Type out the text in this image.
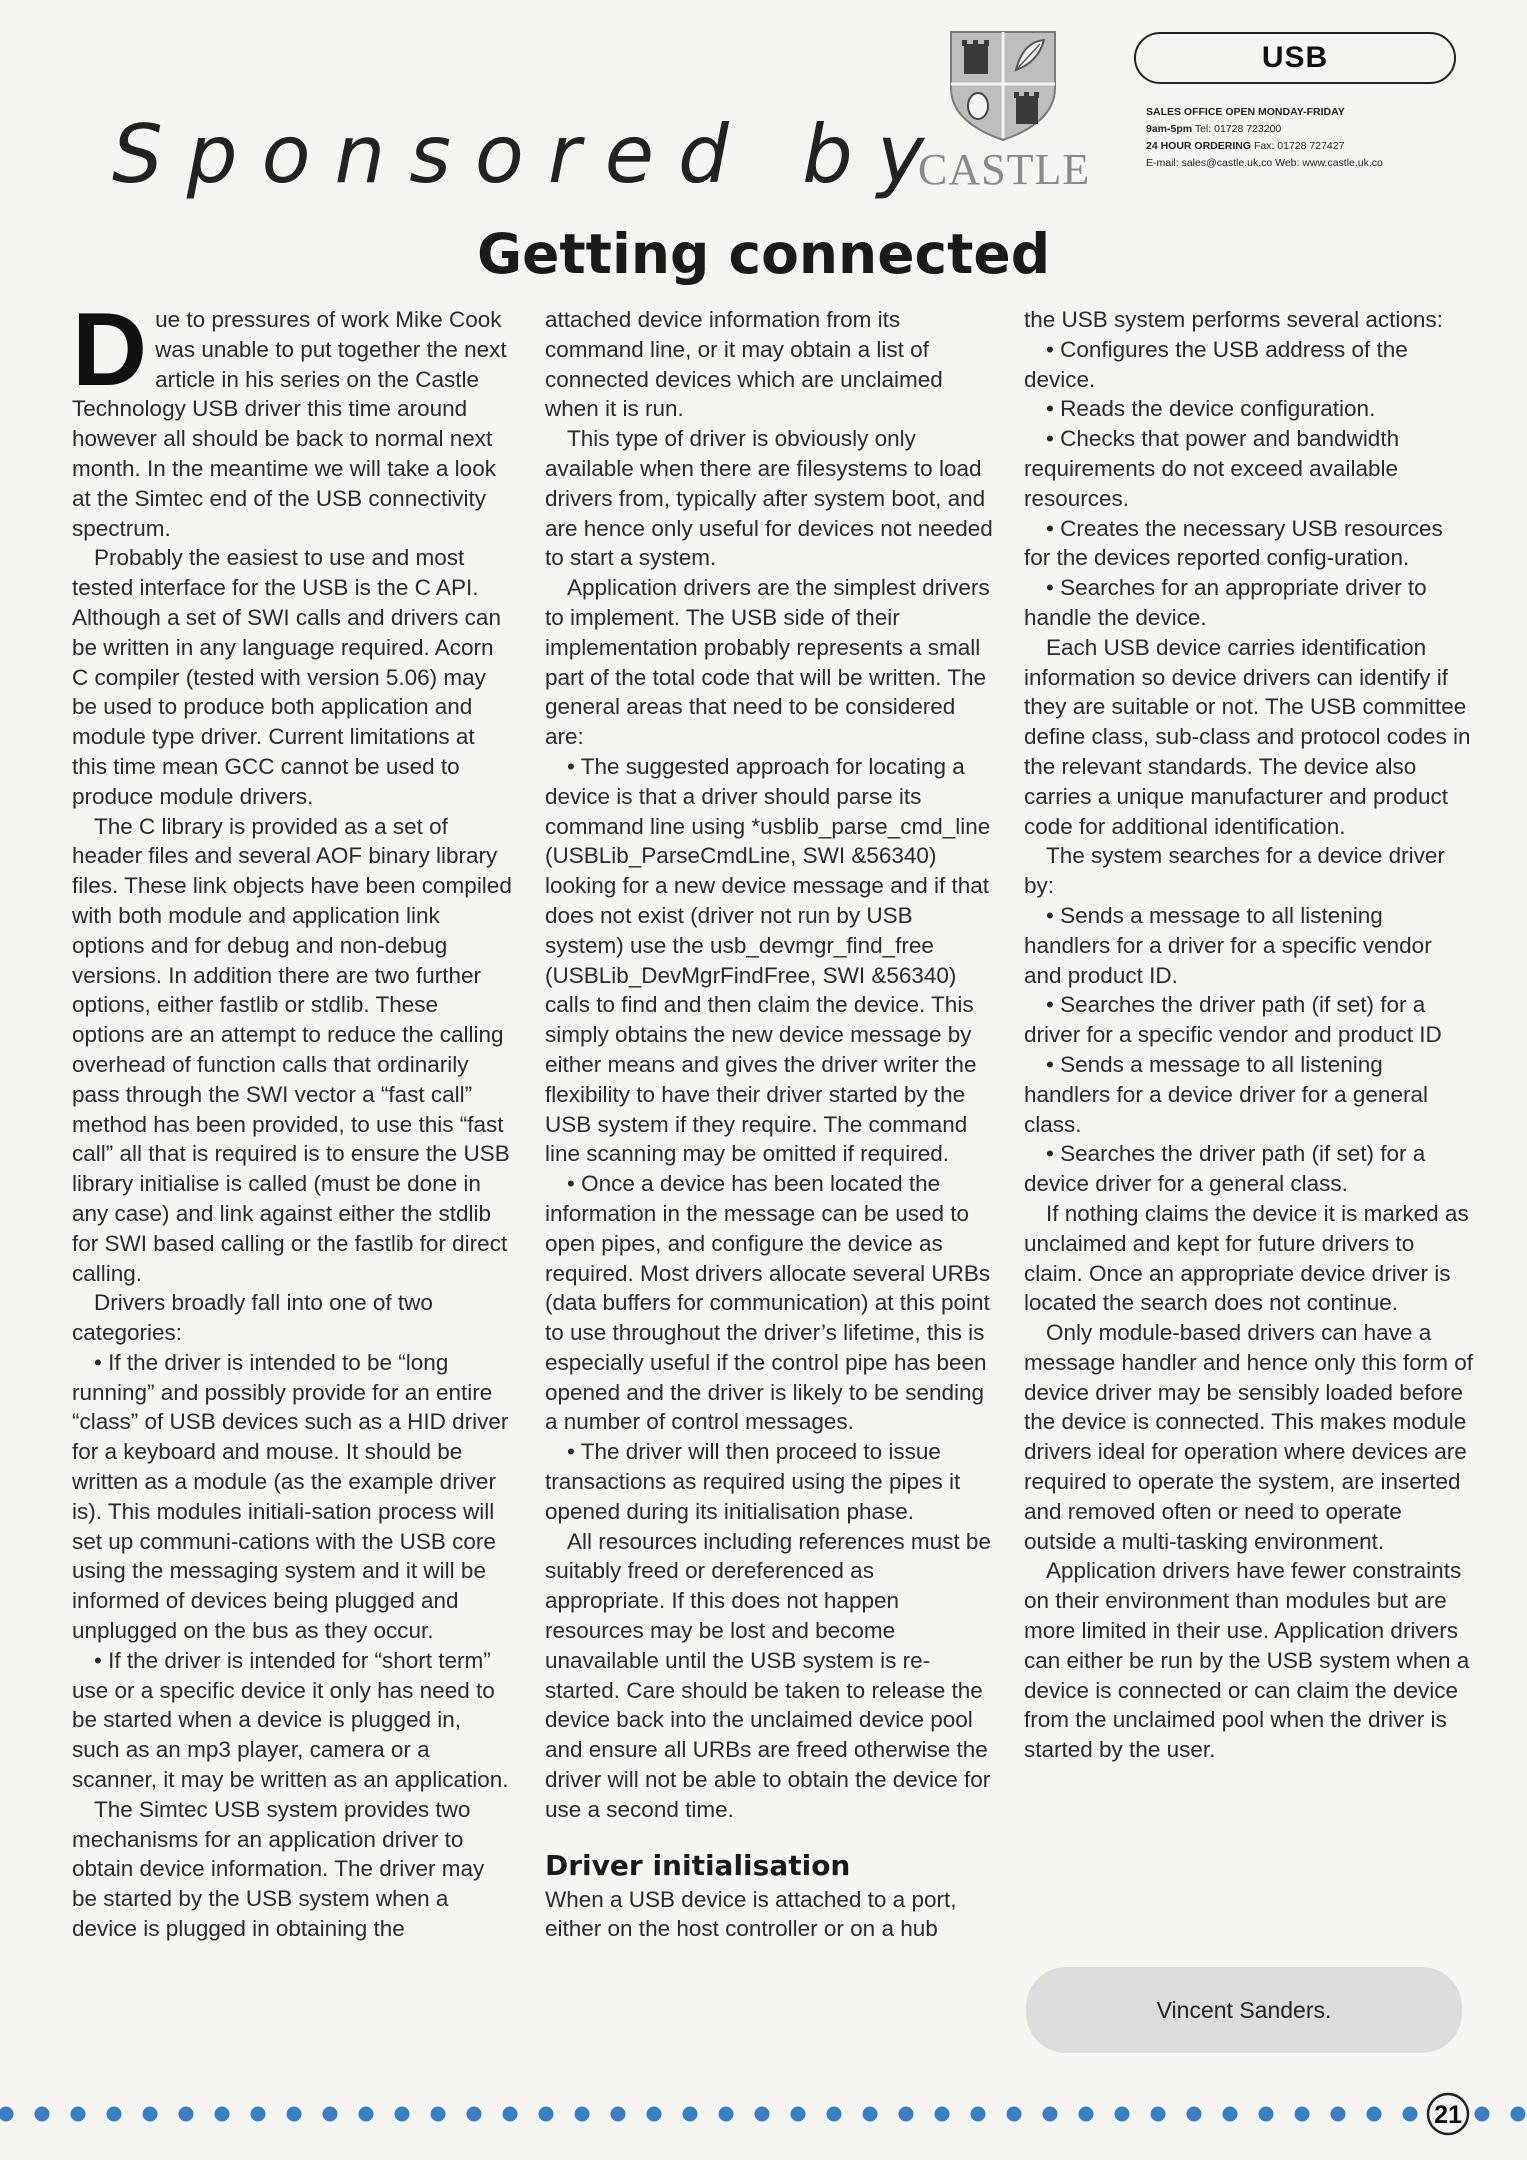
Sponsored by
CASTLE
USB
SALES OFFICE OPEN MONDAY-FRIDAY
9am-5pm Tel: 01728 723200
24 HOUR ORDERING Fax: 01728 727427
E-mail: sales@castle.uk.co Web: www.castle.uk.co
Getting connected

Due to pressures of work Mike Cook was unable to put together the next article in his series on the Castle Technology USB driver this time around however all should be back to normal next month. In the meantime we will take a look at the Simtec end of the USB connectivity spectrum.

Probably the easiest to use and most tested interface for the USB is the C API. Although a set of SWI calls and drivers can be written in any language required. Acorn C compiler (tested with version 5.06) may be used to produce both application and module type driver. Current limitations at this time mean GCC cannot be used to produce module drivers.

The C library is provided as a set of header files and several AOF binary library files. These link objects have been compiled with both module and application link options and for debug and non-debug versions. In addition there are two further options, either fastlib or stdlib. These options are an attempt to reduce the calling overhead of function calls that ordinarily pass through the SWI vector a “fast call” method has been provided, to use this “fast call” all that is required is to ensure the USB library initialise is called (must be done in any case) and link against either the stdlib for SWI based calling or the fastlib for direct calling.

Drivers broadly fall into one of two categories:

• If the driver is intended to be “long running” and possibly provide for an entire “class” of USB devices such as a HID driver for a keyboard and mouse. It should be written as a module (as the example driver is). This modules initiali-sation process will set up communi-cations with the USB core using the messaging system and it will be informed of devices being plugged and unplugged on the bus as they occur.

• If the driver is intended for “short term” use or a specific device it only has need to be started when a device is plugged in, such as an mp3 player, camera or a scanner, it may be written as an application.

The Simtec USB system provides two mechanisms for an application driver to obtain device information. The driver may be started by the USB system when a device is plugged in obtaining the

attached device information from its command line, or it may obtain a list of connected devices which are unclaimed when it is run.

This type of driver is obviously only available when there are filesystems to load drivers from, typically after system boot, and are hence only useful for devices not needed to start a system.

Application drivers are the simplest drivers to implement. The USB side of their implementation probably represents a small part of the total code that will be written. The general areas that need to be considered are:

• The suggested approach for locating a device is that a driver should parse its command line using *usblib_parse_cmd_line (USBLib_ParseCmdLine, SWI &56340) looking for a new device message and if that does not exist (driver not run by USB system) use the usb_devmgr_find_free (USBLib_DevMgrFindFree, SWI &56340) calls to find and then claim the device. This simply obtains the new device message by either means and gives the driver writer the flexibility to have their driver started by the USB system if they require. The command line scanning may be omitted if required.

• Once a device has been located the information in the message can be used to open pipes, and configure the device as required. Most drivers allocate several URBs (data buffers for communication) at this point to use throughout the driver’s lifetime, this is especially useful if the control pipe has been opened and the driver is likely to be sending a number of control messages.

• The driver will then proceed to issue transactions as required using the pipes it opened during its initialisation phase.

All resources including references must be suitably freed or dereferenced as appropriate. If this does not happen resources may be lost and become unavailable until the USB system is re-started. Care should be taken to release the device back into the unclaimed device pool and ensure all URBs are freed otherwise the driver will not be able to obtain the device for use a second time.

Driver initialisation

When a USB device is attached to a port, either on the host controller or on a hub

the USB system performs several actions:

• Configures the USB address of the device.

• Reads the device configuration.

• Checks that power and bandwidth requirements do not exceed available resources.

• Creates the necessary USB resources for the devices reported config-uration.

• Searches for an appropriate driver to handle the device.

Each USB device carries identification information so device drivers can identify if they are suitable or not. The USB committee define class, sub-class and protocol codes in the relevant standards. The device also carries a unique manufacturer and product code for additional identification.

The system searches for a device driver by:

• Sends a message to all listening handlers for a driver for a specific vendor and product ID.

• Searches the driver path (if set) for a driver for a specific vendor and product ID

• Sends a message to all listening handlers for a device driver for a general class.

• Searches the driver path (if set) for a device driver for a general class.

If nothing claims the device it is marked as unclaimed and kept for future drivers to claim. Once an appropriate device driver is located the search does not continue.

Only module-based drivers can have a message handler and hence only this form of device driver may be sensibly loaded before the device is connected. This makes module drivers ideal for operation where devices are required to operate the system, are inserted and removed often or need to operate outside a multi-tasking environment.

Application drivers have fewer constraints on their environment than modules but are more limited in their use. Application drivers can either be run by the USB system when a device is connected or can claim the device from the unclaimed pool when the driver is started by the user.

Vincent Sanders.
21
